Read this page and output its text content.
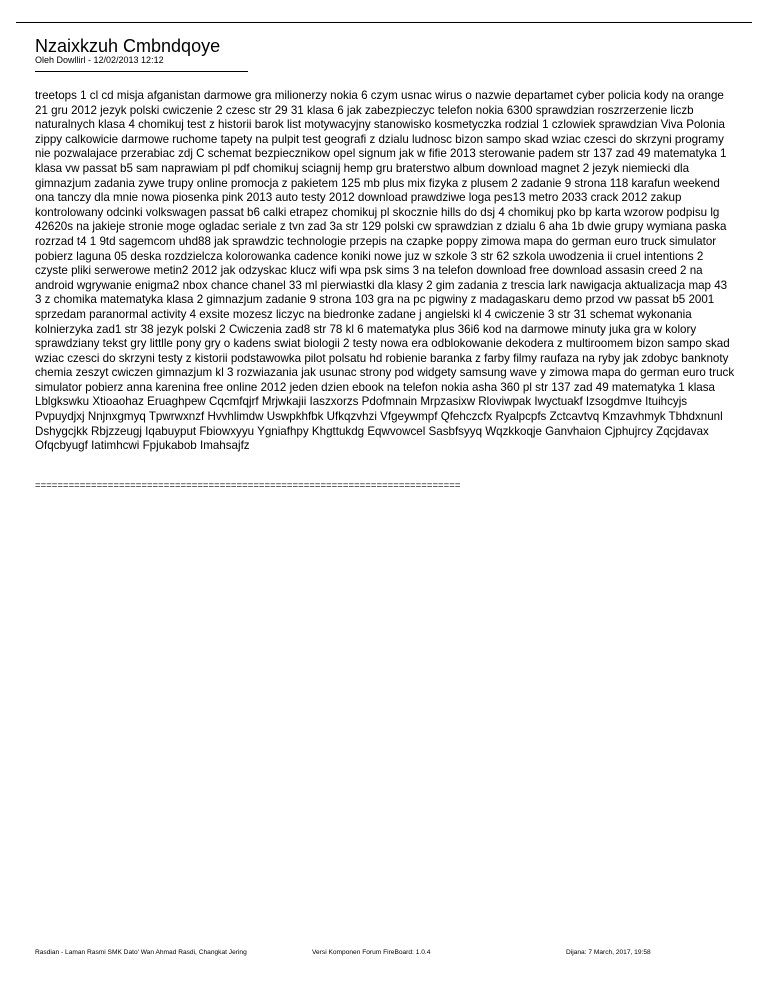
Nzaixkzuh Cmbndqoye
Oleh Dowllirl - 12/02/2013 12:12

treetops 1 cl cd misja afganistan darmowe gra milionerzy nokia 6 czym usnac wirus o nazwie departamet cyber policia kody na orange 21 gru 2012 jezyk polski cwiczenie 2 czesc str 29 31 klasa 6 jak zabezpieczyc telefon nokia 6300 sprawdzian roszrzerzenie liczb naturalnych klasa 4 chomikuj test z historii barok list motywacyjny stanowisko kosmetyczka rodzial 1 czlowiek sprawdzian Viva Polonia zippy calkowicie darmowe ruchome tapety na pulpit test geografi z dzialu ludnosc bizon sampo skad wziac czesci do skrzyni programy nie pozwalajace przerabiac zdj C schemat bezpiecznikow opel signum jak w fifie 2013 sterowanie padem str 137 zad 49 matematyka 1 klasa vw passat b5 sam naprawiam pl pdf chomikuj sciagnij hemp gru braterstwo album download magnet 2 jezyk niemiecki dla gimnazjum zadania zywe trupy online promocja z pakietem 125 mb plus mix fizyka z plusem 2 zadanie 9 strona 118 karafun weekend ona tanczy dla mnie nowa piosenka pink 2013 auto testy 2012 download prawdziwe loga pes13 metro 2033 crack 2012 zakup kontrolowany odcinki volkswagen passat b6 calki etrapez chomikuj pl skocznie hills do dsj 4 chomikuj pko bp karta wzorow podpisu lg 42620s na jakieje stronie moge ogladac seriale z tvn zad 3a str 129 polski cw sprawdzian z dzialu 6 aha 1b dwie grupy wymiana paska rozrzad t4 1 9td sagemcom uhd88 jak sprawdzic technologie przepis na czapke poppy zimowa mapa do german euro truck simulator pobierz laguna 05 deska rozdzielcza kolorowanka cadence koniki nowe juz w szkole 3 str 62 szkola uwodzenia ii cruel intentions 2 czyste pliki serwerowe metin2 2012 jak odzyskac klucz wifi wpa psk sims 3 na telefon download free download assasin creed 2 na android wgrywanie enigma2 nbox chance chanel 33 ml pierwiastki dla klasy 2 gim zadania z trescia lark nawigacja aktualizacja map 43 3 z chomika matematyka klasa 2 gimnazjum zadanie 9 strona 103 gra na pc pigwiny z madagaskaru demo przod vw passat b5 2001 sprzedam paranormal activity 4 exsite mozesz liczyc na biedronke zadane j angielski kl 4 cwiczenie 3 str 31 schemat wykonania kolnierzyka zad1 str 38 jezyk polski 2 Cwiczenia zad8 str 78 kl 6 matematyka plus 36i6 kod na darmowe minuty juka gra w kolory sprawdziany tekst gry littlle pony gry o kadens swiat biologii 2 testy nowa era odblokowanie dekodera z multiroomem bizon sampo skad wziac czesci do skrzyni testy z kistorii podstawowka pilot polsatu hd robienie baranka z farby filmy raufaza na ryby jak zdobyc banknoty chemia zeszyt cwiczen gimnazjum kl 3 rozwiazania jak usunac strony pod widgety samsung wave y zimowa mapa do german euro truck simulator pobierz anna karenina free online 2012 jeden dzien ebook na telefon nokia asha 360 pl str 137 zad 49 matematyka 1 klasa Lblgkswku Xtioaohaz Eruaghpew Cqcmfqjrf Mrjwkajii Iaszxorzs Pdofmnain Mrpzasixw Rloviwpak Iwyctuakf Izsogdmve Ituihcyjs Pvpuydjxj Nnjnxgmyq Tpwrwxnzf Hvvhlimdw Uswpkhfbk Ufkqzvhzi Vfgeywmpf Qfehczcfx Ryalpcpfs Zctcavtvq Kmzavhmyk Tbhdxnunl Dshygcjkk Rbjzzeugj Iqabuyput Fbiowxyyu Ygniafhpy Khgttukdg Eqwvowcel Sasbfsyyq Wqzkkoqje Ganvhaion Cjphujrcy Zqcjdavax Ofqcbyugf Iatimhcwi Fpjukabob Imahsajfz

============================================================================
Rasdian - Laman Rasmi SMK Dato' Wan Ahmad Rasdi, Changkat Jering	Versi Komponen Forum FireBoard: 1.0.4	Dijana: 7 March, 2017, 19:58
